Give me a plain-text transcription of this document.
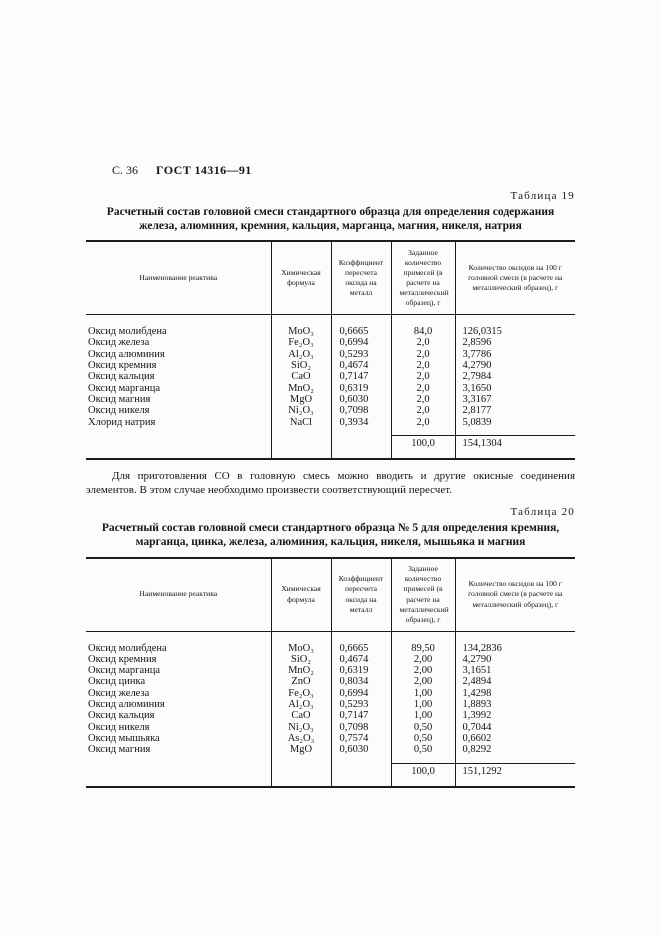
С. 36 ГОСТ 14316—91
Таблица 19
Расчетный состав головной смеси стандартного образца для определения содержания железа, алюминия, кремния, кальция, марганца, магния, никеля, натрия
Наименование реактива	Химическая формула	Коэффициент пересчета оксида на металл	Заданное количество примесей (в расчете на металлический образец), г	Количество оксидов на 100 г головной смеси (в расчете на металлический образец), г
Оксид молибдена	MoO₃	0,6665	84,0	126,0315
Оксид железа	Fe₂O₃	0,6994	2,0	2,8596
Оксид алюминия	Al₂O₃	0,5293	2,0	3,7786
Оксид кремния	SiO₂	0,4674	2,0	4,2790
Оксид кальция	CaO	0,7147	2,0	2,7984
Оксид марганца	MnO₂	0,6319	2,0	3,1650
Оксид магния	MgO	0,6030	2,0	3,3167
Оксид никеля	Ni₂O₃	0,7098	2,0	2,8177
Хлорид натрия	NaCl	0,3934	2,0	5,0839
			100,0	154,1304

Для приготовления СО в головную смесь можно вводить и другие окисные соединения элементов. В этом случае необходимо произвести соответствующий пересчет.

Таблица 20
Расчетный состав головной смеси стандартного образца № 5 для определения кремния, марганца, цинка, железа, алюминия, кальция, никеля, мышьяка и магния
Наименование реактива	Химическая формула	Коэффициент пересчета оксида на металл	Заданное количество примесей (в расчете на металлический образец), г	Количество оксидов на 100 г головной смеси (в расчете на металлический образец), г
Оксид молибдена	MoO₃	0,6665	89,50	134,2836
Оксид кремния	SiO₂	0,4674	2,00	4,2790
Оксид марганца	MnO₂	0,6319	2,00	3,1651
Оксид цинка	ZnO	0,8034	2,00	2,4894
Оксид железа	Fe₂O₃	0,6994	1,00	1,4298
Оксид алюминия	Al₂O₃	0,5293	1,00	1,8893
Оксид кальция	CaO	0,7147	1,00	1,3992
Оксид никеля	Ni₂O₃	0,7098	0,50	0,7044
Оксид мышьяка	As₂O₃	0,7574	0,50	0,6602
Оксид магния	MgO	0,6030	0,50	0,8292
			100,0	151,1292
